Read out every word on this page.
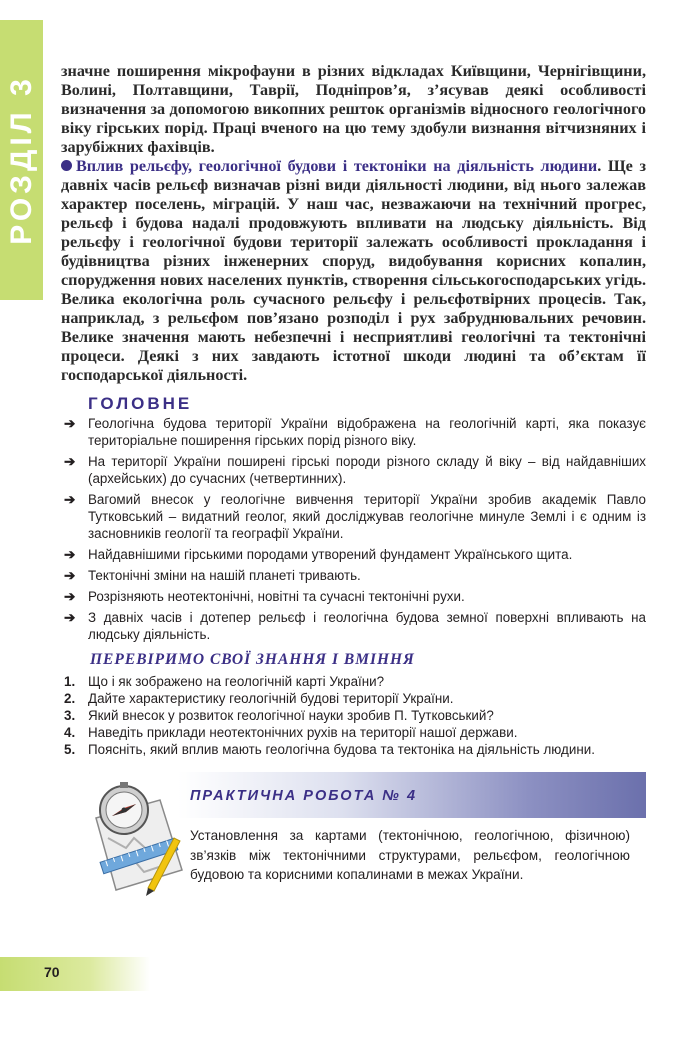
РОЗДІЛ 3

значне поширення мікрофауни в різних відкладах Київщини, Чернігівщини, Волині, Полтавщини, Таврії, Подніпров’я, з’ясував деякі особливості визначення за допомогою викопних решток організмів відносного геологічного віку гірських порід. Праці вченого на цю тему здобули визнання вітчизняних і зарубіжних фахівців.

Вплив рельєфу, геологічної будови і тектоніки на діяльність людини. Ще з давніх часів рельєф визначав різні види діяльності людини, від нього залежав характер поселень, міграцій. У наш час, незважаючи на технічний прогрес, рельєф і будова надалі продовжують впливати на людську діяльність. Від рельєфу і геологічної будови території залежать особливості прокладання і будівництва різних інженерних споруд, видобування корисних копалин, спорудження нових населених пунктів, створення сільськогосподарських угідь. Велика екологічна роль сучасного рельєфу і рельєфотвірних процесів. Так, наприклад, з рельєфом пов’язано розподіл і рух забруднювальних речовин. Велике значення мають небезпечні і несприятливі геологічні та тектонічні процеси. Деякі з них завдають істотної шкоди людині та об’єктам її господарської діяльності.

ГОЛОВНЕ
➔ Геологічна будова території України відображена на геологічній карті, яка показує територіальне поширення гірських порід різного віку.
➔ На території України поширені гірські породи різного складу й віку – від найдавніших (архейських) до сучасних (четвертинних).
➔ Вагомий внесок у геологічне вивчення території України зробив академік Павло Тутковський – видатний геолог, який досліджував геологічне минуле Землі і є одним із засновників геології та географії України.
➔ Найдавнішими гірськими породами утворений фундамент Українського щита.
➔ Тектонічні зміни на нашій планеті тривають.
➔ Розрізняють неотектонічні, новітні та сучасні тектонічні рухи.
➔ З давніх часів і дотепер рельєф і геологічна будова земної поверхні впливають на людську діяльність.
ПЕРЕВІРИМО СВОЇ ЗНАННЯ І ВМІННЯ
1. Що і як зображено на геологічній карті України?
2. Дайте характеристику геологічній будові території України.
3. Який внесок у розвиток геологічної науки зробив П. Тутковський?
4. Наведіть приклади неотектонічних рухів на території нашої держави.
5. Поясніть, який вплив мають геологічна будова та тектоніка на діяльність людини.
ПРАКТИЧНА РОБОТА № 4
Установлення за картами (тектонічною, геологічною, фізичною) зв’язків між тектонічними структурами, рельєфом, геологічною будовою та корисними копалинами в межах України.
70
